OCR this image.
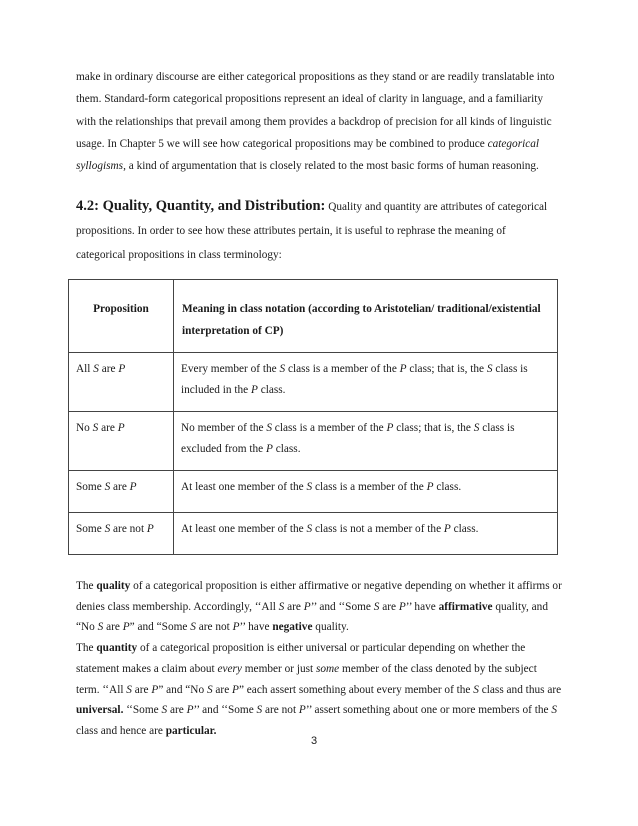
make in ordinary discourse are either categorical propositions as they stand or are readily translatable into
them. Standard-form categorical propositions represent an ideal of clarity in language, and a familiarity
with the relationships that prevail among them provides a backdrop of precision for all kinds of linguistic
usage. In Chapter 5 we will see how categorical propositions may be combined to produce categorical
syllogisms, a kind of argumentation that is closely related to the most basic forms of human reasoning.

4.2: Quality, Quantity, and Distribution: Quality and quantity are attributes of categorical
propositions. In order to see how these attributes pertain, it is useful to rephrase the meaning of
categorical propositions in class terminology:

Proposition	Meaning in class notation (according to Aristotelian/ traditional/existential
interpretation of CP)
All S are P	Every member of the S class is a member of the P class; that is, the S class is included in the P class.
No S are P	No member of the S class is a member of the P class; that is, the S class is excluded from the P class.
Some S are P	At least one member of the S class is a member of the P class.
Some S are not P	At least one member of the S class is not a member of the P class.
The quality of a categorical proposition is either affirmative or negative depending on whether it affirms or denies class membership. Accordingly, ‘‘All S are P’’ and ‘‘Some S are P’’ have affirmative quality, and “No S are P” and “Some S are not P’’ have negative quality.
The quantity of a categorical proposition is either universal or particular depending on whether the statement makes a claim about every member or just some member of the class denoted by the subject term. ‘‘All S are P” and “No S are P” each assert something about every member of the S class and thus are universal. ‘‘Some S are P’’ and ‘‘Some S are not P’’ assert something about one or more members of the S class and hence are particular.
3
